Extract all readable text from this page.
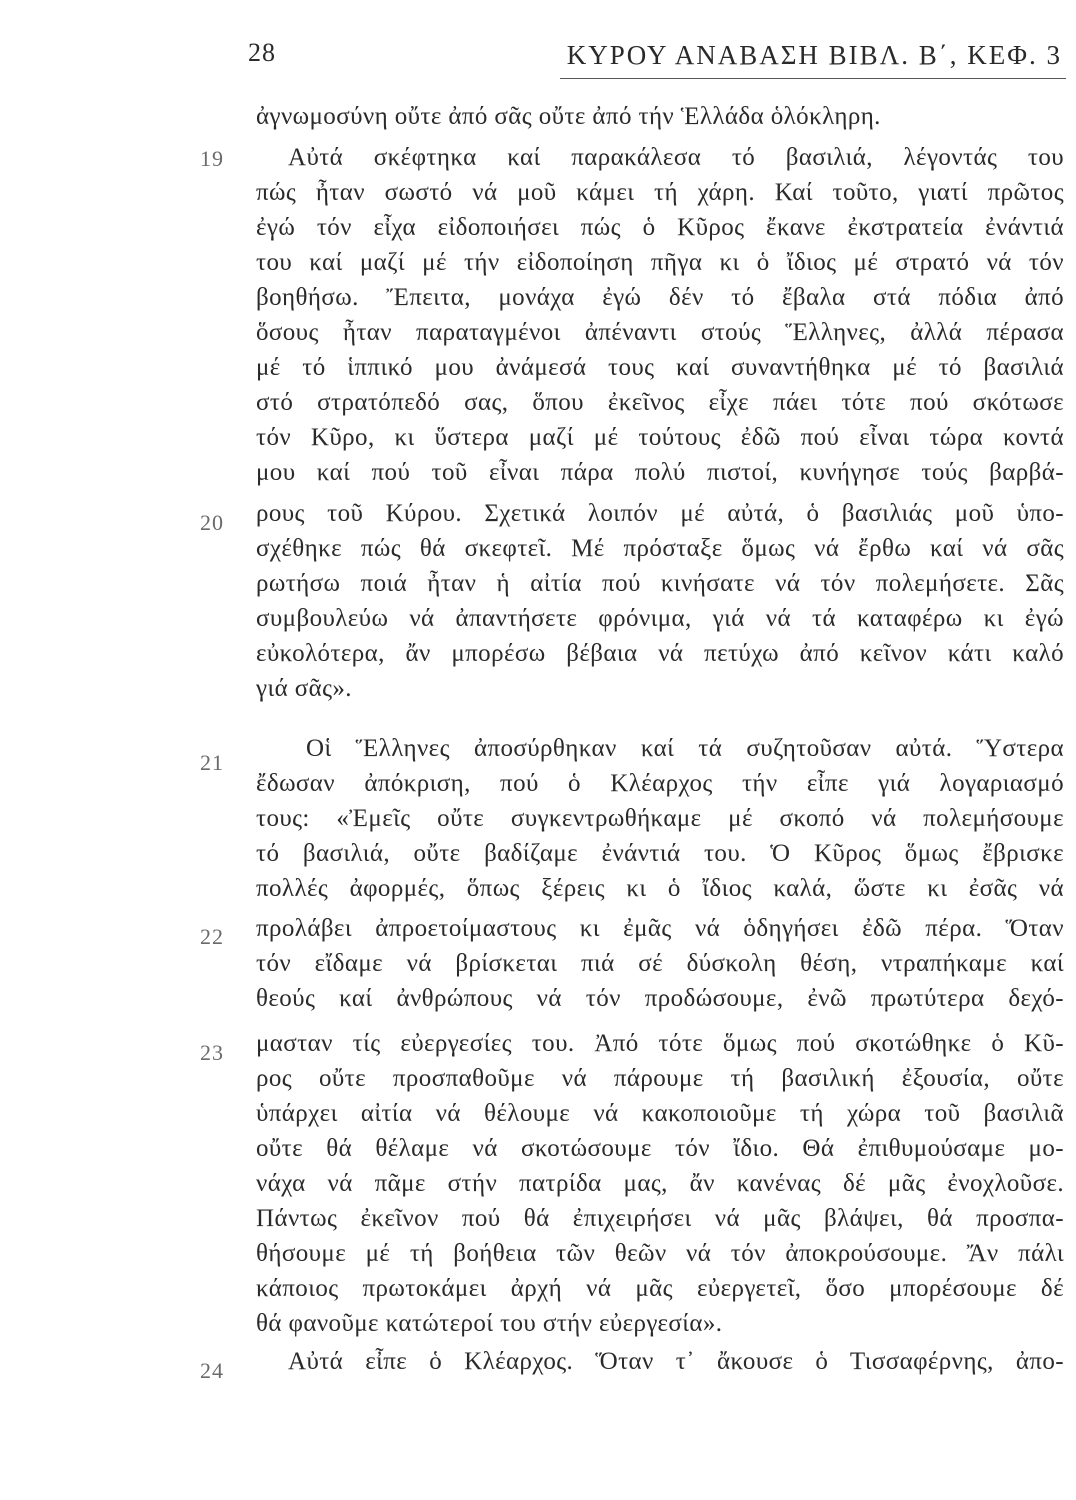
28	ΚΥΡΟΥ ΑΝΑΒΑΣΗ ΒΙΒΛ. Β΄, ΚΕΦ. 3
19
20
21
22
23
24
ἀγνωμοσύνη οὔτε ἀπό σᾶς οὔτε ἀπό τήν Ἑλλάδα ὁλόκληρη.
Αὐτά σκέφτηκα καί παρακάλεσα τό βασιλιά, λέγοντάς του
πώς ἦταν σωστό νά μοῦ κάμει τή χάρη. Καί τοῦτο, γιατί πρῶτος
ἐγώ τόν εἶχα εἰδοποιήσει πώς ὁ Κῦρος ἔκανε ἐκστρατεία ἐνάντιά
του καί μαζί μέ τήν εἰδοποίηση πῆγα κι ὁ ἴδιος μέ στρατό νά τόν
βοηθήσω. Ἔπειτα, μονάχα ἐγώ δέν τό ἔβαλα στά πόδια ἀπό
ὅσους ἦταν παραταγμένοι ἀπέναντι στούς Ἕλληνες, ἀλλά πέρασα
μέ τό ἱππικό μου ἀνάμεσά τους καί συναντήθηκα μέ τό βασιλιά
στό στρατόπεδό σας, ὅπου ἐκεῖνος εἶχε πάει τότε πού σκότωσε
τόν Κῦρο, κι ὕστερα μαζί μέ τούτους ἐδῶ πού εἶναι τώρα κοντά
μου καί πού τοῦ εἶναι πάρα πολύ πιστοί, κυνήγησε τούς βαρβά-
ρους τοῦ Κύρου. Σχετικά λοιπόν μέ αὐτά, ὁ βασιλιάς μοῦ ὑπο-
σχέθηκε πώς θά σκεφτεῖ. Μέ πρόσταξε ὅμως νά ἔρθω καί νά σᾶς
ρωτήσω ποιά ἦταν ἡ αἰτία πού κινήσατε νά τόν πολεμήσετε. Σᾶς
συμβουλεύω νά ἀπαντήσετε φρόνιμα, γιά νά τά καταφέρω κι ἐγώ
εὐκολότερα, ἄν μπορέσω βέβαια νά πετύχω ἀπό κεῖνον κάτι καλό
γιά σᾶς».
Οἱ Ἕλληνες ἀποσύρθηκαν καί τά συζητοῦσαν αὐτά. Ὕστερα
ἔδωσαν ἀπόκριση, πού ὁ Κλέαρχος τήν εἶπε γιά λογαριασμό
τους: «Ἐμεῖς οὔτε συγκεντρωθήκαμε μέ σκοπό νά πολεμήσουμε
τό βασιλιά, οὔτε βαδίζαμε ἐνάντιά του. Ὁ Κῦρος ὅμως ἔβρισκε
πολλές ἀφορμές, ὅπως ξέρεις κι ὁ ἴδιος καλά, ὥστε κι ἐσᾶς νά
προλάβει ἀπροετοίμαστους κι ἐμᾶς νά ὁδηγήσει ἐδῶ πέρα. Ὅταν
τόν εἴδαμε νά βρίσκεται πιά σέ δύσκολη θέση, ντραπήκαμε καί
θεούς καί ἀνθρώπους νά τόν προδώσουμε, ἐνῶ πρωτύτερα δεχό-
μασταν τίς εὐεργεσίες του. Ἀπό τότε ὅμως πού σκοτώθηκε ὁ Κῦ-
ρος οὔτε προσπαθοῦμε νά πάρουμε τή βασιλική ἐξουσία, οὔτε
ὑπάρχει αἰτία νά θέλουμε νά κακοποιοῦμε τή χώρα τοῦ βασιλιᾶ
οὔτε θά θέλαμε νά σκοτώσουμε τόν ἴδιο. Θά ἐπιθυμούσαμε μο-
νάχα νά πᾶμε στήν πατρίδα μας, ἄν κανένας δέ μᾶς ἐνοχλοῦσε.
Πάντως ἐκεῖνον πού θά ἐπιχειρήσει νά μᾶς βλάψει, θά προσπα-
θήσουμε μέ τή βοήθεια τῶν θεῶν νά τόν ἀποκρούσουμε. Ἄν πάλι
κάποιος πρωτοκάμει ἀρχή νά μᾶς εὐεργετεῖ, ὅσο μπορέσουμε δέ
θά φανοῦμε κατώτεροί του στήν εὐεργεσία».
Αὐτά εἶπε ὁ Κλέαρχος. Ὅταν τ᾽ ἄκουσε ὁ Τισσαφέρνης, ἀπο-
